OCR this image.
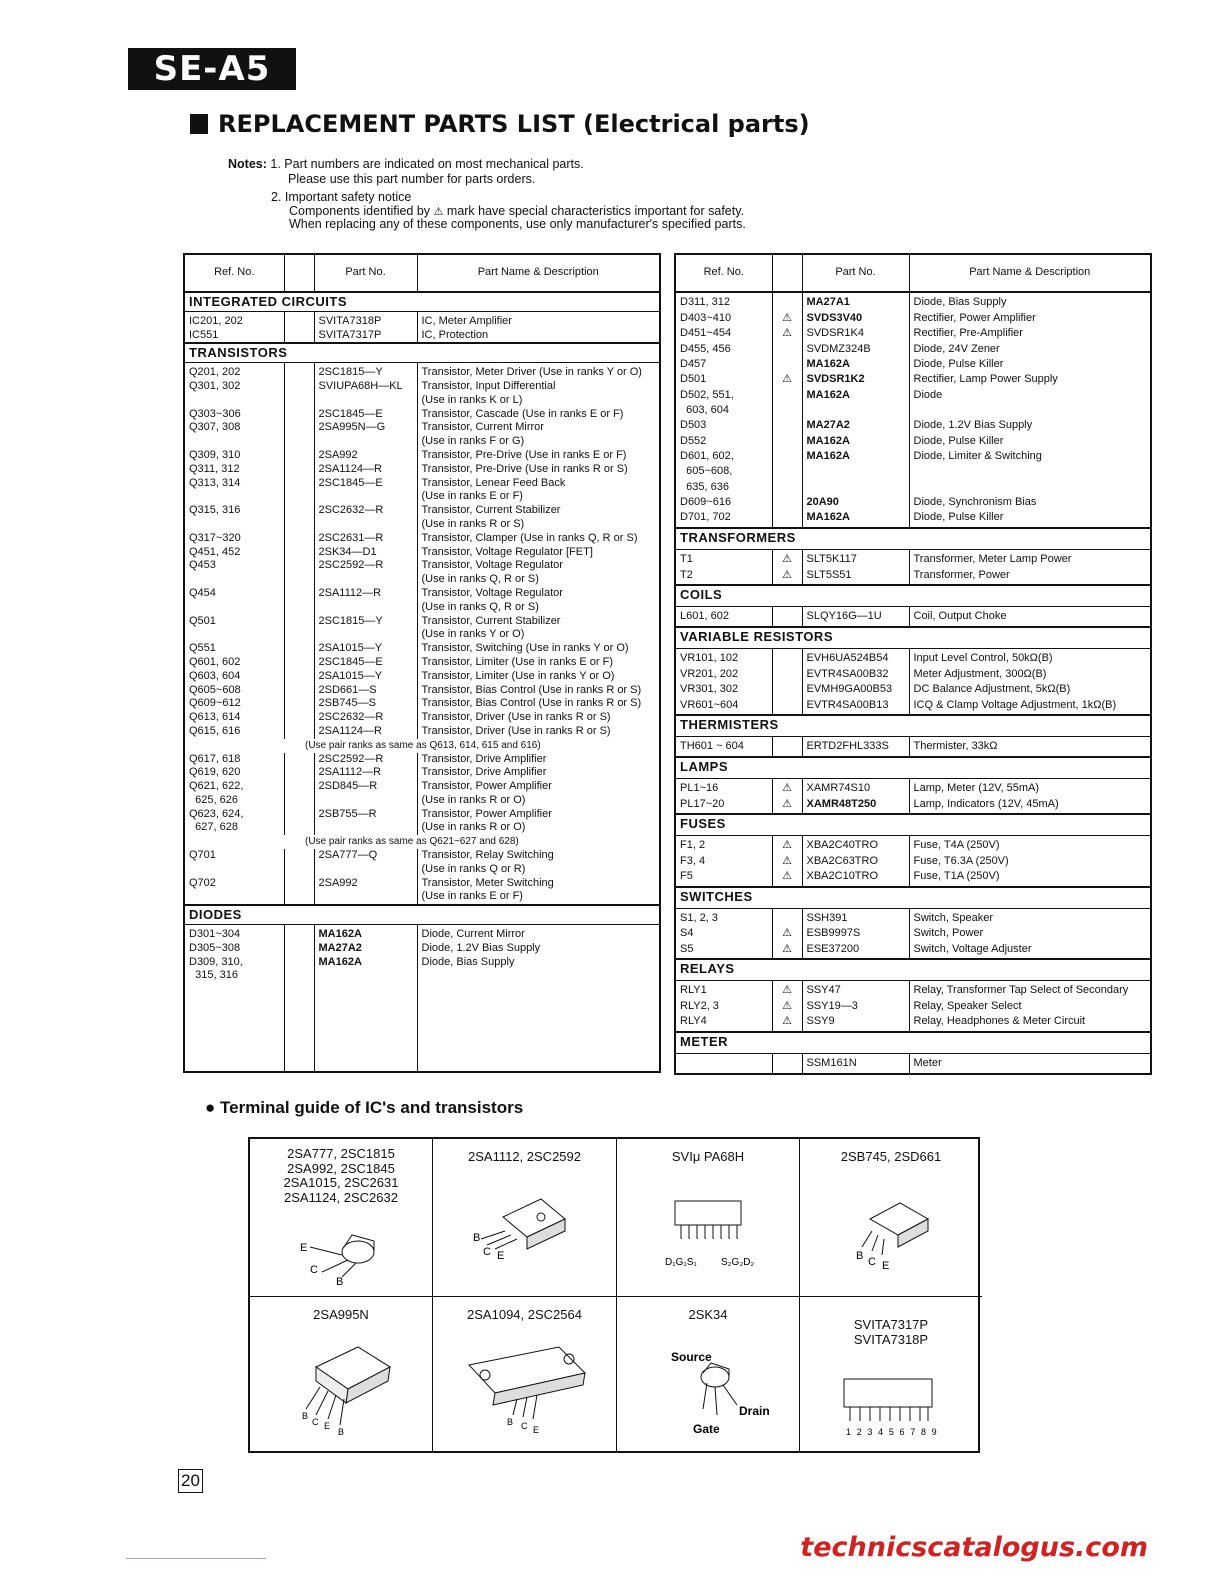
SE-A5
REPLACEMENT PARTS LIST (Electrical parts)
Notes: 1. Part numbers are indicated on most mechanical parts.
Please use this part number for parts orders.
2. Important safety notice
Components identified by ⚠ mark have special characteristics important for safety.
When replacing any of these components, use only manufacturer's specified parts.
Ref. No.		Part No.	Part Name & Description
INTEGRATED CIRCUITS			
IC201, 202		SVITA7318P	IC, Meter Amplifier
IC551		SVITA7317P	IC, Protection
TRANSISTORS			
Q201, 202		2SC1815—Y	Transistor, Meter Driver (Use in ranks Y or O)
Q301, 302		SVIUPA68H—KL	Transistor, Input Differential
			(Use in ranks K or L)
Q303~306		2SC1845—E	Transistor, Cascade (Use in ranks E or F)
Q307, 308		2SA995N—G	Transistor, Current Mirror
			(Use in ranks F or G)
Q309, 310		2SA992	Transistor, Pre-Drive (Use in ranks E or F)
Q311, 312		2SA1124—R	Transistor, Pre-Drive (Use in ranks R or S)
Q313, 314		2SC1845—E	Transistor, Lenear Feed Back
			(Use in ranks E or F)

Q315, 316		2SC2632—R	Transistor, Current Stabilizer
			(Use in ranks R or S)
Q317~320		2SC2631—R	Transistor, Clamper (Use in ranks Q, R or S)
Q451, 452		2SK34—D1	Transistor, Voltage Regulator [FET]
Q453		2SC2592—R	Transistor, Voltage Regulator
			(Use in ranks Q, R or S)
Q454		2SA1112—R	Transistor, Voltage Regulator
			(Use in ranks Q, R or S)
Q501		2SC1815—Y	Transistor, Current Stabilizer
			(Use in ranks Y or O)

Q551		2SA1015—Y	Transistor, Switching (Use in ranks Y or O)
Q601, 602		2SC1845—E	Transistor, Limiter (Use in ranks E or F)
Q603, 604		2SA1015—Y	Transistor, Limiter (Use in ranks Y or O)
Q605~608		2SD661—S	Transistor, Bias Control (Use in ranks R or S)
Q609~612		2SB745—S	Transistor, Bias Control (Use in ranks R or S)
Q613, 614		2SC2632—R	Transistor, Driver (Use in ranks R or S)
Q615, 616		2SA1124—R	Transistor, Driver (Use in ranks R or S)
(Use pair ranks as same as Q613, 614, 615 and 616)			

Q617, 618		2SC2592—R	Transistor, Drive Amplifier

Q619, 620		2SA1112—R	Transistor, Drive Amplifier
Q621, 622,		2SD845—R	Transistor, Power Amplifier
625, 626			(Use in ranks R or O)
Q623, 624,		2SB755—R	Transistor, Power Amplifier
627, 628			(Use in ranks R or O)
(Use pair ranks as same as Q621~627 and 628)			

Q701		2SA777—Q	Transistor, Relay Switching
			(Use in ranks Q or R)
Q702		2SA992	Transistor, Meter Switching
			(Use in ranks E or F)
DIODES			
D301~304		MA162A	Diode, Current Mirror
D305~308		MA27A2	Diode, 1.2V Bias Supply
D309, 310,		MA162A	Diode, Bias Supply
315, 316			

Ref. No.		Part No.	Part Name & Description
D311, 312		MA27A1	Diode, Bias Supply
D403~410	⚠	SVDS3V40	Rectifier, Power Amplifier
D451~454	⚠	SVDSR1K4	Rectifier, Pre-Amplifier
D455, 456		SVDMZ324B	Diode, 24V Zener
D457		MA162A	Diode, Pulse Killer
D501	⚠	SVDSR1K2	Rectifier, Lamp Power Supply

D502, 551,		MA162A	Diode
603, 604			
D503		MA27A2	Diode, 1.2V Bias Supply
D552		MA162A	Diode, Pulse Killer
D601, 602,		MA162A	Diode, Limiter & Switching
605~608,			
635, 636			
D609~616		20A90	Diode, Synchronism Bias
D701, 702		MA162A	Diode, Pulse Killer
TRANSFORMERS			
T1	⚠	SLT5K117	Transformer, Meter Lamp Power
T2	⚠	SLT5S51	Transformer, Power
COILS			
L601, 602		SLQY16G—1U	Coil, Output Choke
VARIABLE RESISTORS			
VR101, 102		EVH6UA524B54	Input Level Control, 50kΩ(B)
VR201, 202		EVTR4SA00B32	Meter Adjustment, 300Ω(B)
VR301, 302		EVMH9GA00B53	DC Balance Adjustment, 5kΩ(B)
VR601~604		EVTR4SA00B13	ICQ & Clamp Voltage Adjustment, 1kΩ(B)
THERMISTERS			
TH601 ~ 604		ERTD2FHL333S	Thermister, 33kΩ
LAMPS			
PL1~16	⚠	XAMR74S10	Lamp, Meter (12V, 55mA)
PL17~20	⚠	XAMR48T250	Lamp, Indicators (12V, 45mA)
FUSES			
F1, 2	⚠	XBA2C40TRO	Fuse, T4A (250V)
F3, 4	⚠	XBA2C63TRO	Fuse, T6.3A (250V)
F5	⚠	XBA2C10TRO	Fuse, T1A (250V)
SWITCHES			
S1, 2, 3		SSH391	Switch, Speaker
S4	⚠	ESB9997S	Switch, Power
S5	⚠	ESE37200	Switch, Voltage Adjuster
RELAYS			
RLY1	⚠	SSY47	Relay, Transformer Tap Select of Secondary
RLY2, 3	⚠	SSY19—3	Relay, Speaker Select
RLY4	⚠	SSY9	Relay, Headphones & Meter Circuit
METER			
		SSM161N	Meter

● Terminal guide of IC's and transistors
2SA777, 2SC1815
2SA992, 2SC1845
2SA1015, 2SC2631
2SA1124, 2SC2632
E
C
B
2SA1112, 2SC2592
B
C E
SVIμ PA68H
D₁G₁S₁ S₂G₂D₂
2SB745, 2SD661
B C E
2SA995N
B
C E
B
2SA1094, 2SC2564
B C E
2SK34
Source
Drain
Gate
SVITA7317P
SVITA7318P
1 2 3 4 5 6 7 8 9
20
technicscatalogus.com
